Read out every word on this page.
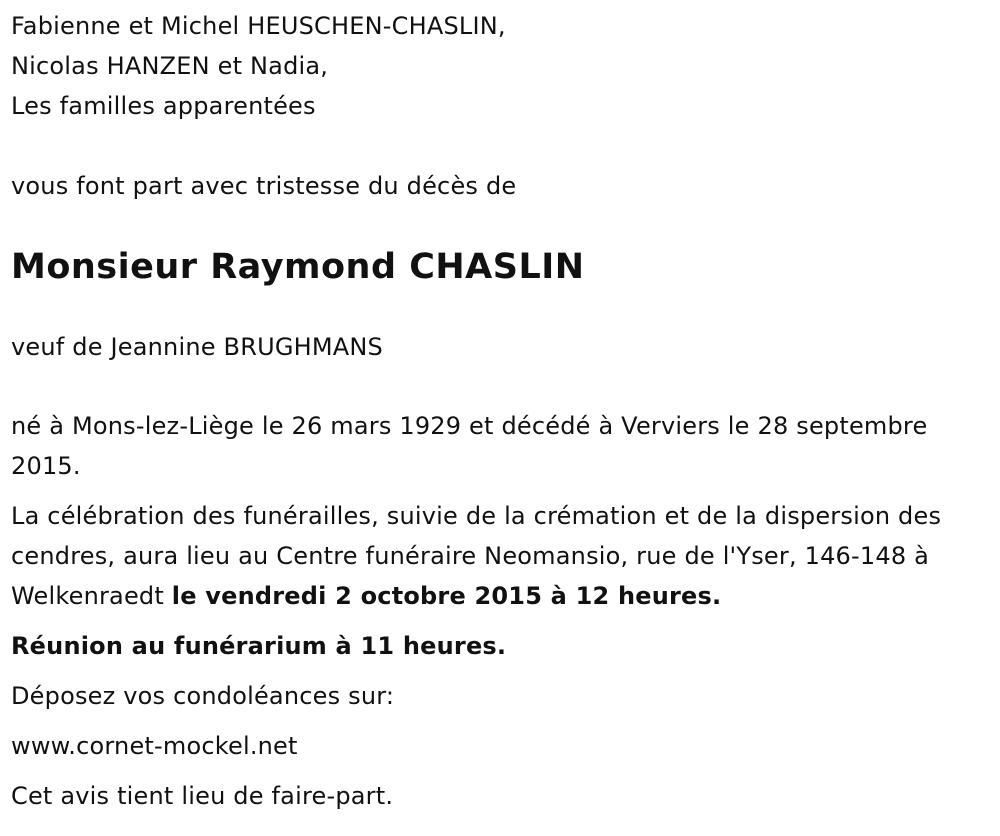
Fabienne et Michel HEUSCHEN-CHASLIN,

Nicolas HANZEN et Nadia,

Les familles apparentées

vous font part avec tristesse du décès de

Monsieur Raymond CHASLIN

veuf de Jeannine BRUGHMANS

né à Mons-lez-Liège le 26 mars 1929 et décédé à Verviers le 28 septembre 2015.

La célébration des funérailles, suivie de la crémation et de la dispersion des cendres, aura lieu au Centre funéraire Neomansio, rue de l'Yser, 146-148 à Welkenraedt le vendredi 2 octobre 2015 à 12 heures.

Réunion au funérarium à 11 heures.

Déposez vos condoléances sur:

www.cornet-mockel.net

Cet avis tient lieu de faire-part.
